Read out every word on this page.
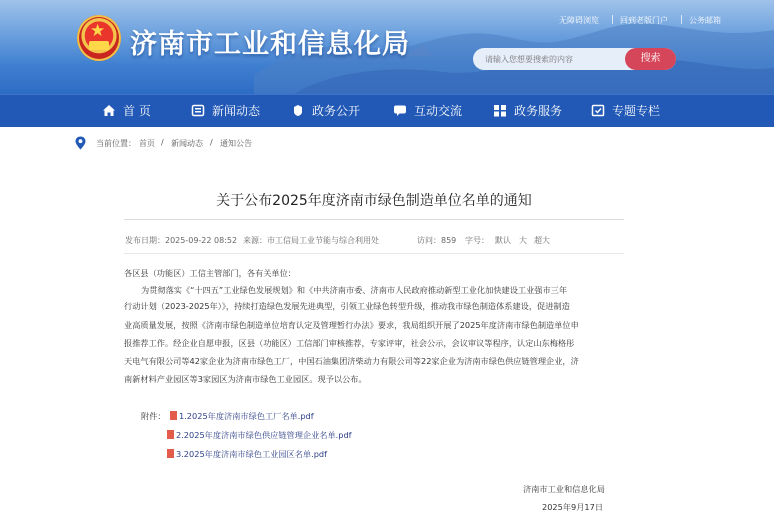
★ 济南市工业和信息化局
无障碍浏览	回到老版门户	公务邮箱
请输入您想要搜索的内容
搜索
首 页	新闻动态	政务公开	互动交流	政务服务	专题专栏
当前位置： 首页 / 新闻动态 / 通知公告
关于公布2025年度济南市绿色制造单位名单的通知
发布日期：2025-09-22 08:52 来源：市工信局工业节能与综合利用处	访问：859 字号： 默认 大 超大
各区县（功能区）工信主管部门，各有关单位：
为贯彻落实《“十四五”工业绿色发展规划》和《中共济南市委、济南市人民政府推动新型工业化加快建设工业强市三年
行动计划（2023-2025年）》，持续打造绿色发展先进典型，引领工业绿色转型升级，推动我市绿色制造体系建设，促进制造
业高质量发展，按照《济南市绿色制造单位培育认定及管理暂行办法》要求，我局组织开展了2025年度济南市绿色制造单位申
报推荐工作。经企业自愿申报，区县（功能区）工信部门审核推荐，专家评审，社会公示，会议审议等程序，认定山东梅格彤
天电气有限公司等42家企业为济南市绿色工厂，中国石油集团济柴动力有限公司等22家企业为济南市绿色供应链管理企业，济
南新材料产业园区等3家园区为济南市绿色工业园区。现予以公布。
附件：	1.2025年度济南市绿色工厂名单.pdf
2.2025年度济南市绿色供应链管理企业名单.pdf
3.2025年度济南市绿色工业园区名单.pdf
济南市工业和信息化局
2025年9月17日
